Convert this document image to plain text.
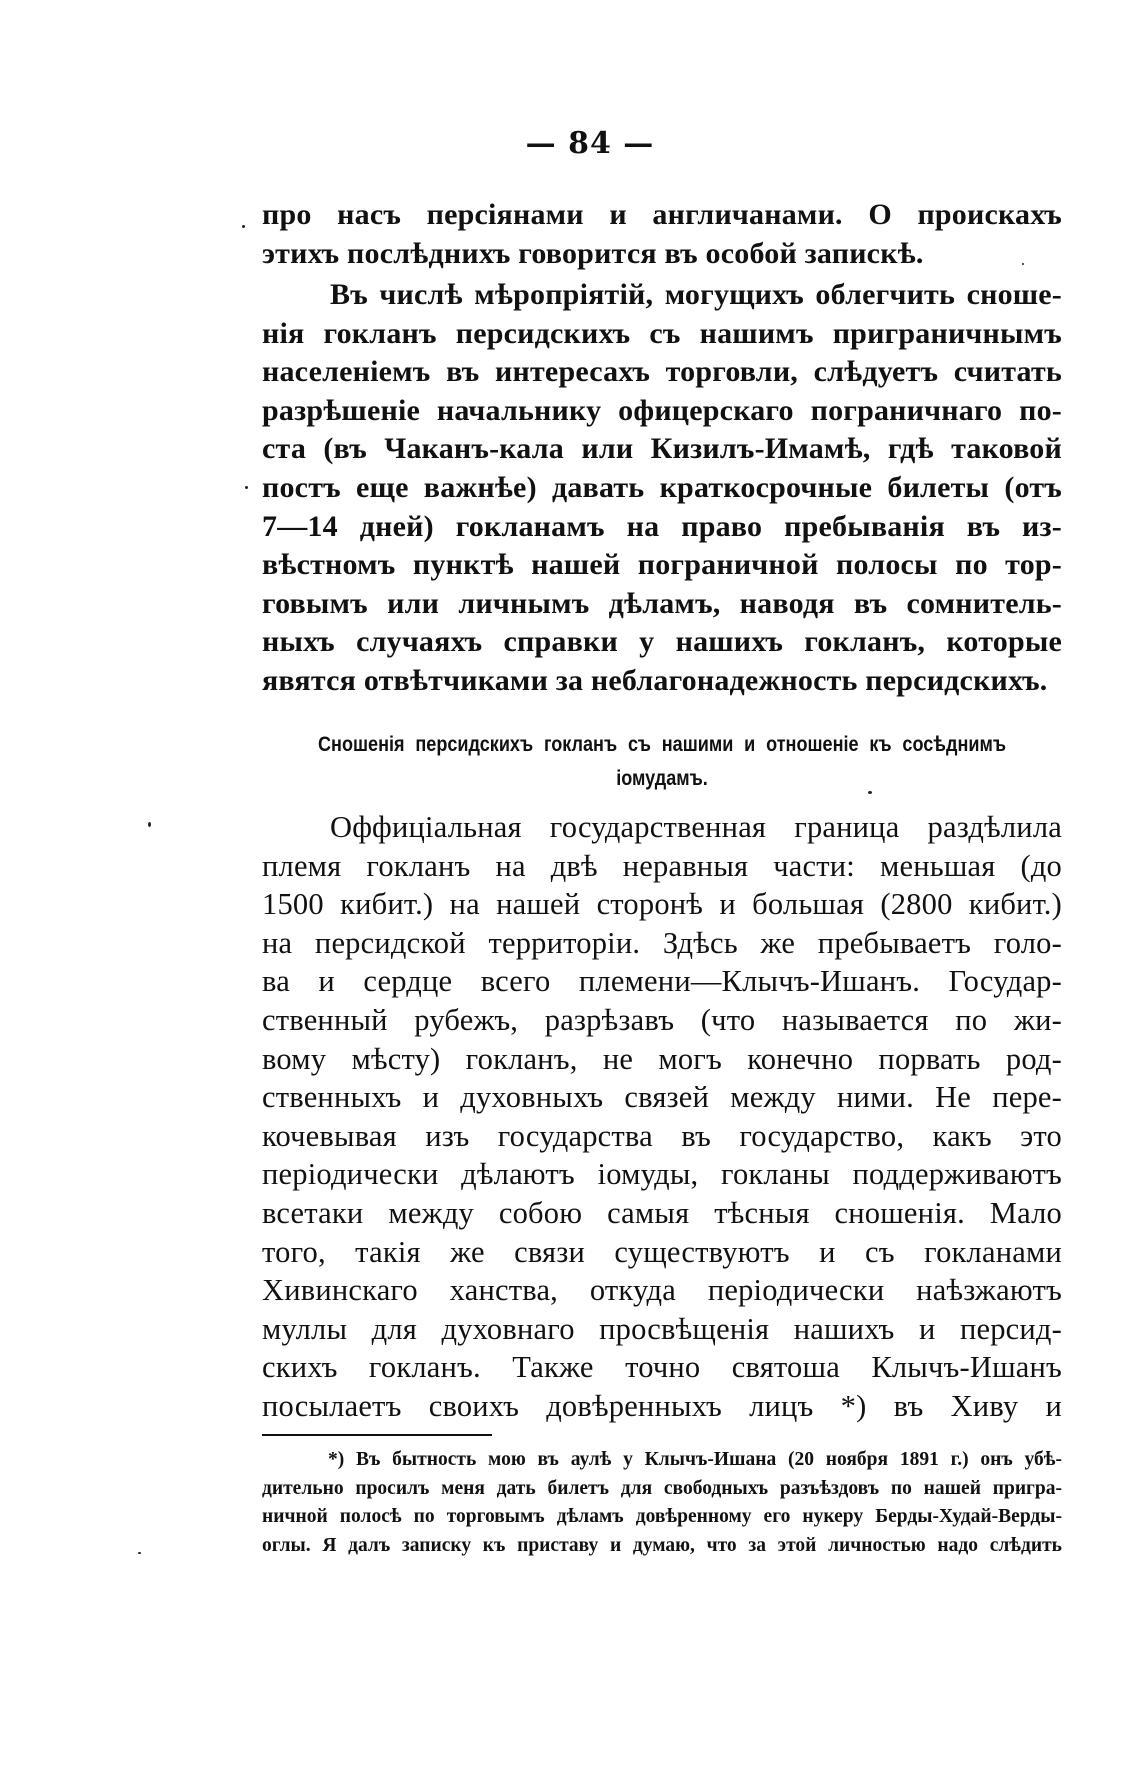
— 84 —
про насъ персіянами и англичанами. О проискахъ
этихъ послѣднихъ говорится въ особой запискѣ.
Въ числѣ мѣропріятій, могущихъ облегчить сноше-
нія гокланъ персидскихъ съ нашимъ приграничнымъ
населеніемъ въ интересахъ торговли, слѣдуетъ считать
разрѣшеніе начальнику офицерскаго пограничнаго по-
ста (въ Чаканъ-кала или Кизилъ-Имамѣ, гдѣ таковой
постъ еще важнѣе) давать краткосрочные билеты (отъ
7—14 дней) гокланамъ на право пребыванія въ из-
вѣстномъ пунктѣ нашей пограничной полосы по тор-
говымъ или личнымъ дѣламъ, наводя въ сомнитель-
ныхъ случаяхъ справки у нашихъ гокланъ, которые
явятся отвѣтчиками за неблагонадежность персидскихъ.
Сношенія персидскихъ гокланъ съ нашими и отношеніе къ сосѣднимъ
іомудамъ.
Оффиціальная государственная граница раздѣлила
племя гокланъ на двѣ неравныя части: меньшая (до
1500 кибит.) на нашей сторонѣ и большая (2800 кибит.)
на персидской территоріи. Здѣсь же пребываетъ голо-
ва и сердце всего племени—Клычъ-Ишанъ. Государ-
ственный рубежъ, разрѣзавъ (что называется по жи-
вому мѣсту) гокланъ, не могъ конечно порвать род-
ственныхъ и духовныхъ связей между ними. Не пере-
кочевывая изъ государства въ государство, какъ это
періодически дѣлаютъ іомуды, гокланы поддерживаютъ
всетаки между собою самыя тѣсныя сношенія. Мало
того, такія же связи существуютъ и съ гокланами
Хивинскаго ханства, откуда періодически наѣзжаютъ
муллы для духовнаго просвѣщенія нашихъ и персид-
скихъ гокланъ. Также точно святоша Клычъ-Ишанъ
посылаетъ своихъ довѣренныхъ лицъ *) въ Хиву и
*) Въ бытность мою въ аулѣ у Клычъ-Ишана (20 ноября 1891 г.) онъ убѣ-
дительно просилъ меня дать билетъ для свободныхъ разъѣздовъ по нашей пригра-
ничной полосѣ по торговымъ дѣламъ довѣренному его нукеру Берды-Худай-Верды-
оглы. Я далъ записку къ приставу и думаю, что за этой личностью надо слѣдить
